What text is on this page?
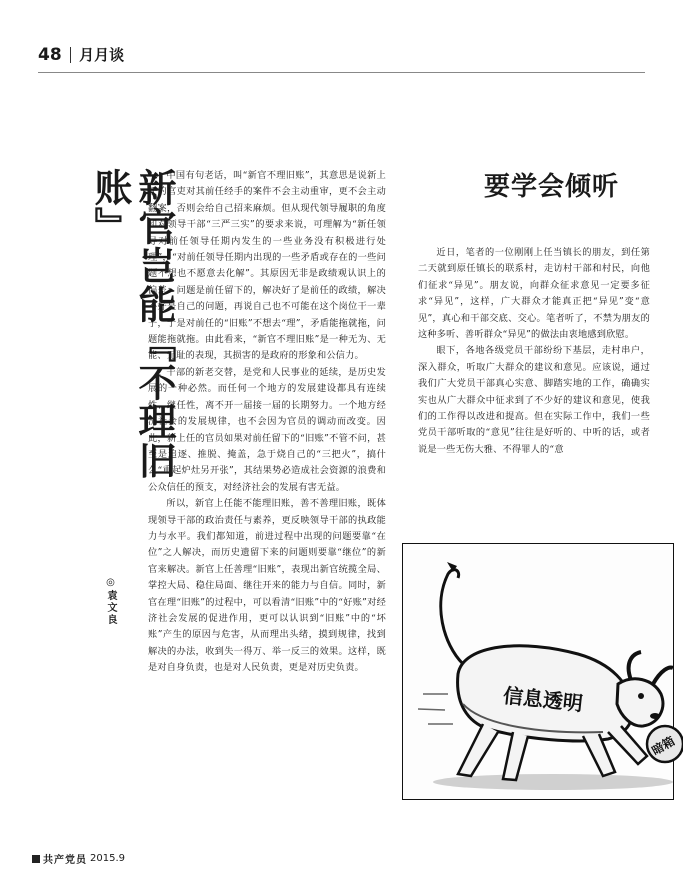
48 月月谈
新官岂能『不理旧账』
◎袁文良

中国有句老话，叫“新官不理旧账”，其意思是说新上任的官吏对其前任经手的案件不会主动重审，更不会主动翻案，否则会给自己招来麻烦。但从现代领导履职的角度和对领导干部“三严三实”的要求来说，可理解为“新任领导对前任领导任期内发生的一些业务没有积极进行处理”，“对前任领导任期内出现的一些矛盾或存在的一些问题不想也不愿意去化解”。其原因无非是政绩观认识上的偏差：问题是前任留下的，解决好了是前任的政绩，解决不好是自己的问题，再说自己也不可能在这个岗位干一辈子，于是对前任的“旧账”不想去“理”，矛盾能拖就拖，问题能拖就拖。由此看来，“新官不理旧账”是一种无为、无能、无耻的表现，其损害的是政府的形象和公信力。

干部的新老交替，是党和人民事业的延续，是历史发展的一种必然。而任何一个地方的发展建设都具有连续性、继任性，离不开一届接一届的长期努力。一个地方经济社会的发展规律，也不会因为官员的调动而改变。因此，新上任的官员如果对前任留下的“旧账”不管不问，甚至是追逐、推脱、掩盖，急于烧自己的“三把火”，搞什么“重起炉灶另开张”，其结果势必造成社会资源的浪费和公众信任的预支，对经济社会的发展有害无益。

所以，新官上任能不能理旧账，善不善理旧账，既体现领导干部的政治责任与素养，更反映领导干部的执政能力与水平。我们都知道，前进过程中出现的问题要靠“在位”之人解决，而历史遗留下来的问题则要靠“继位”的新官来解决。新官上任善理“旧账”，表现出新官统揽全局、掌控大局、稳住局面、继往开来的能力与自信。同时，新官在理“旧账”的过程中，可以看清“旧账”中的“好账”对经济社会发展的促进作用，更可以认识到“旧账”中的“坏账”产生的原因与危害，从而理出头绪，摸到规律，找到解决的办法，收到失一得万、举一反三的效果。这样，既是对自身负责，也是对人民负责，更是对历史负责。

要学会倾听

近日，笔者的一位刚刚上任当镇长的朋友，到任第二天就到原任镇长的联系村，走访村干部和村民，向他们征求“异见”。朋友说，向群众征求意见一定要多征求“异见”，这样，广大群众才能真正把“异见”变“意见”，真心和干部交底、交心。笔者听了，不禁为朋友的这种多听、善听群众“异见”的做法由衷地感到欣慰。

眼下，各地各级党员干部纷纷下基层，走村串户，深入群众，听取广大群众的建议和意见。应该说，通过我们广大党员干部真心实意、脚踏实地的工作，确确实实也从广大群众中征求到了不少好的建议和意见，使我们的工作得以改进和提高。但在实际工作中，我们一些党员干部听取的“意见”往往是好听的、中听的话，或者说是一些无伤大雅、不得罪人的“意

信息透明
暗箱
共产党员 2015.9
